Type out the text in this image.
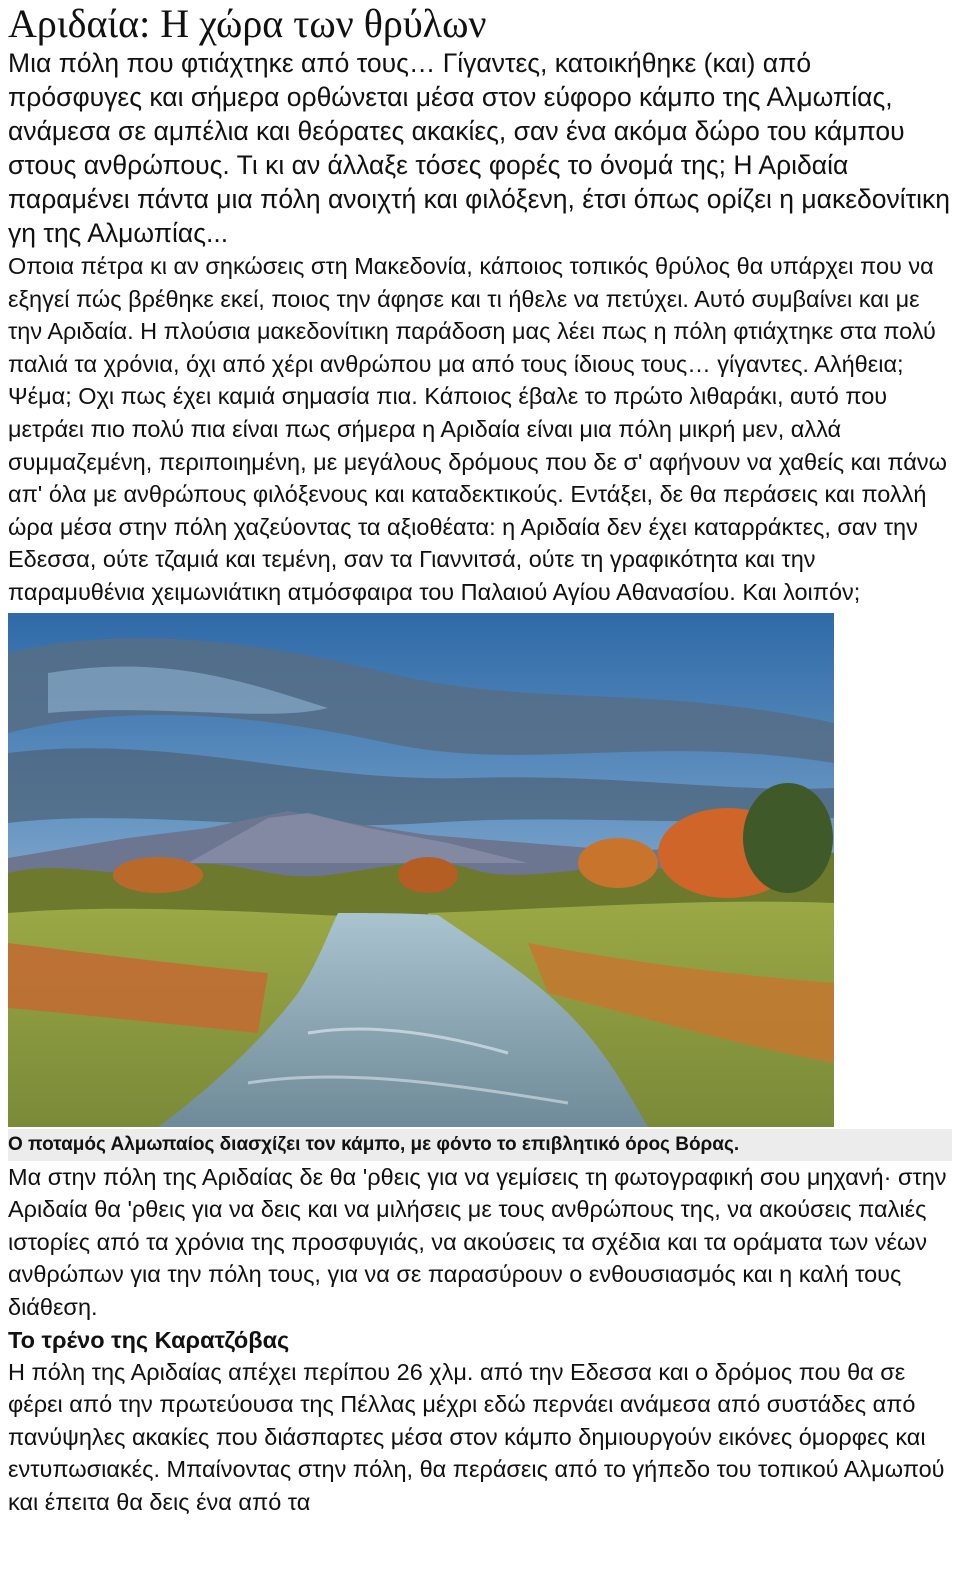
Αριδαία: Η χώρα των θρύλων

Μια πόλη που φτιάχτηκε από τους… Γίγαντες, κατοικήθηκε (και) από πρόσφυγες και σήμερα ορθώνεται μέσα στον εύφορο κάμπο της Αλμωπίας, ανάμεσα σε αμπέλια και θεόρατες ακακίες, σαν ένα ακόμα δώρο του κάμπου στους ανθρώπους. Τι κι αν άλλαξε τόσες φορές το όνομά της; Η Αριδαία παραμένει πάντα μια πόλη ανοιχτή και φιλόξενη, έτσι όπως ορίζει η μακεδονίτικη γη της Αλμωπίας...

Οποια πέτρα κι αν σηκώσεις στη Μακεδονία, κάποιος τοπικός θρύλος θα υπάρχει που να εξηγεί πώς βρέθηκε εκεί, ποιος την άφησε και τι ήθελε να πετύχει. Αυτό συμβαίνει και με την Αριδαία. Η πλούσια μακεδονίτικη παράδοση μας λέει πως η πόλη φτιάχτηκε στα πολύ παλιά τα χρόνια, όχι από χέρι ανθρώπου μα από τους ίδιους τους… γίγαντες. Αλήθεια; Ψέμα; Οχι πως έχει καμιά σημασία πια. Κάποιος έβαλε το πρώτο λιθαράκι, αυτό που μετράει πιο πολύ πια είναι πως σήμερα η Αριδαία είναι μια πόλη μικρή μεν, αλλά συμμαζεμένη, περιποιημένη, με μεγάλους δρόμους που δε σ' αφήνουν να χαθείς και πάνω απ' όλα με ανθρώπους φιλόξενους και καταδεκτικούς. Εντάξει, δε θα περάσεις και πολλή ώρα μέσα στην πόλη χαζεύοντας τα αξιοθέατα: η Αριδαία δεν έχει καταρράκτες, σαν την Εδεσσα, ούτε τζαμιά και τεμένη, σαν τα Γιαννιτσά, ούτε τη γραφικότητα και την παραμυθένια χειμωνιάτικη ατμόσφαιρα του Παλαιού Αγίου Αθανασίου. Και λοιπόν;

Ο ποταμός Αλμωπαίος διασχίζει τον κάμπο, με φόντο το επιβλητικό όρος Βόρας.

Μα στην πόλη της Αριδαίας δε θα 'ρθεις για να γεμίσεις τη φωτογραφική σου μηχανή· στην Αριδαία θα 'ρθεις για να δεις και να μιλήσεις με τους ανθρώπους της, να ακούσεις παλιές ιστορίες από τα χρόνια της προσφυγιάς, να ακούσεις τα σχέδια και τα οράματα των νέων ανθρώπων για την πόλη τους, για να σε παρασύρουν ο ενθουσιασμός και η καλή τους διάθεση.

Το τρένο της Καρατζόβας

Η πόλη της Αριδαίας απέχει περίπου 26 χλμ. από την Εδεσσα και ο δρόμος που θα σε φέρει από την πρωτεύουσα της Πέλλας μέχρι εδώ περνάει ανάμεσα από συστάδες από πανύψηλες ακακίες που διάσπαρτες μέσα στον κάμπο δημιουργούν εικόνες όμορφες και εντυπωσιακές. Μπαίνοντας στην πόλη, θα περάσεις από το γήπεδο του τοπικού Αλμωπού και έπειτα θα δεις ένα από τα
